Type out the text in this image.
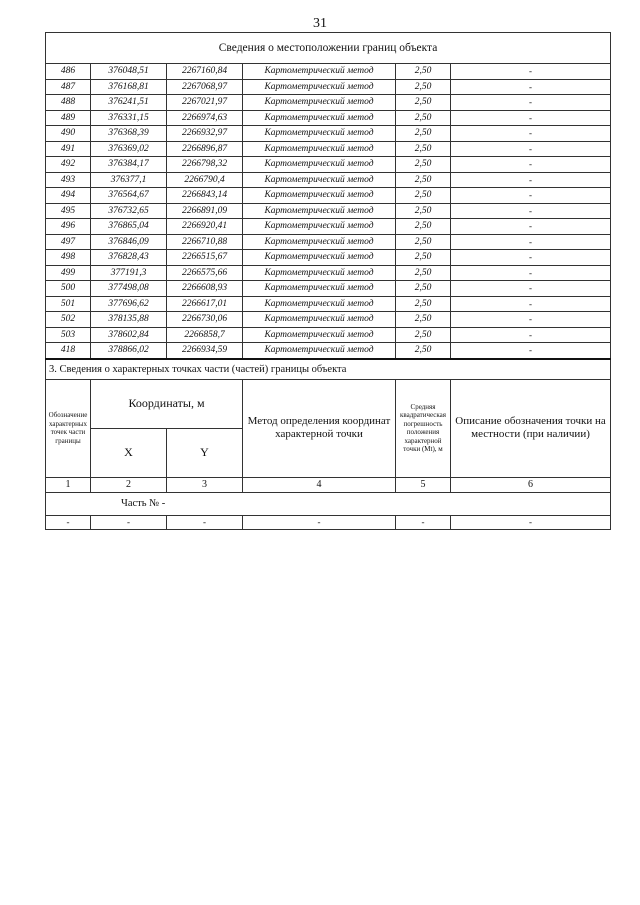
31
Сведения о местоположении границ объекта					
486	376048,51	2267160,84	Картометрический метод	2,50	-
487	376168,81	2267068,97	Картометрический метод	2,50	-
488	376241,51	2267021,97	Картометрический метод	2,50	-
489	376331,15	2266974,63	Картометрический метод	2,50	-
490	376368,39	2266932,97	Картометрический метод	2,50	-
491	376369,02	2266896,87	Картометрический метод	2,50	-
492	376384,17	2266798,32	Картометрический метод	2,50	-
493	376377,1	2266790,4	Картометрический метод	2,50	-
494	376564,67	2266843,14	Картометрический метод	2,50	-
495	376732,65	2266891,09	Картометрический метод	2,50	-
496	376865,04	2266920,41	Картометрический метод	2,50	-
497	376846,09	2266710,88	Картометрический метод	2,50	-
498	376828,43	2266515,67	Картометрический метод	2,50	-
499	377191,3	2266575,66	Картометрический метод	2,50	-
500	377498,08	2266608,93	Картометрический метод	2,50	-
501	377696,62	2266617,01	Картометрический метод	2,50	-
502	378135,88	2266730,06	Картометрический метод	2,50	-
503	378602,84	2266858,7	Картометрический метод	2,50	-
418	378866,02	2266934,59	Картометрический метод	2,50	-
3. Сведения о характерных точках части (частей) границы объекта					
Обозначение характерных точек части границы	Координаты, м		Метод определения координат характерной точки	Средняя квадратическая погрешность положения характерной точки (Mt), м	Описание обозначения точки на местности (при наличии)
	X	Y			
1	2	3	4	5	6
Часть № -					
-	-	-	-	-	-
